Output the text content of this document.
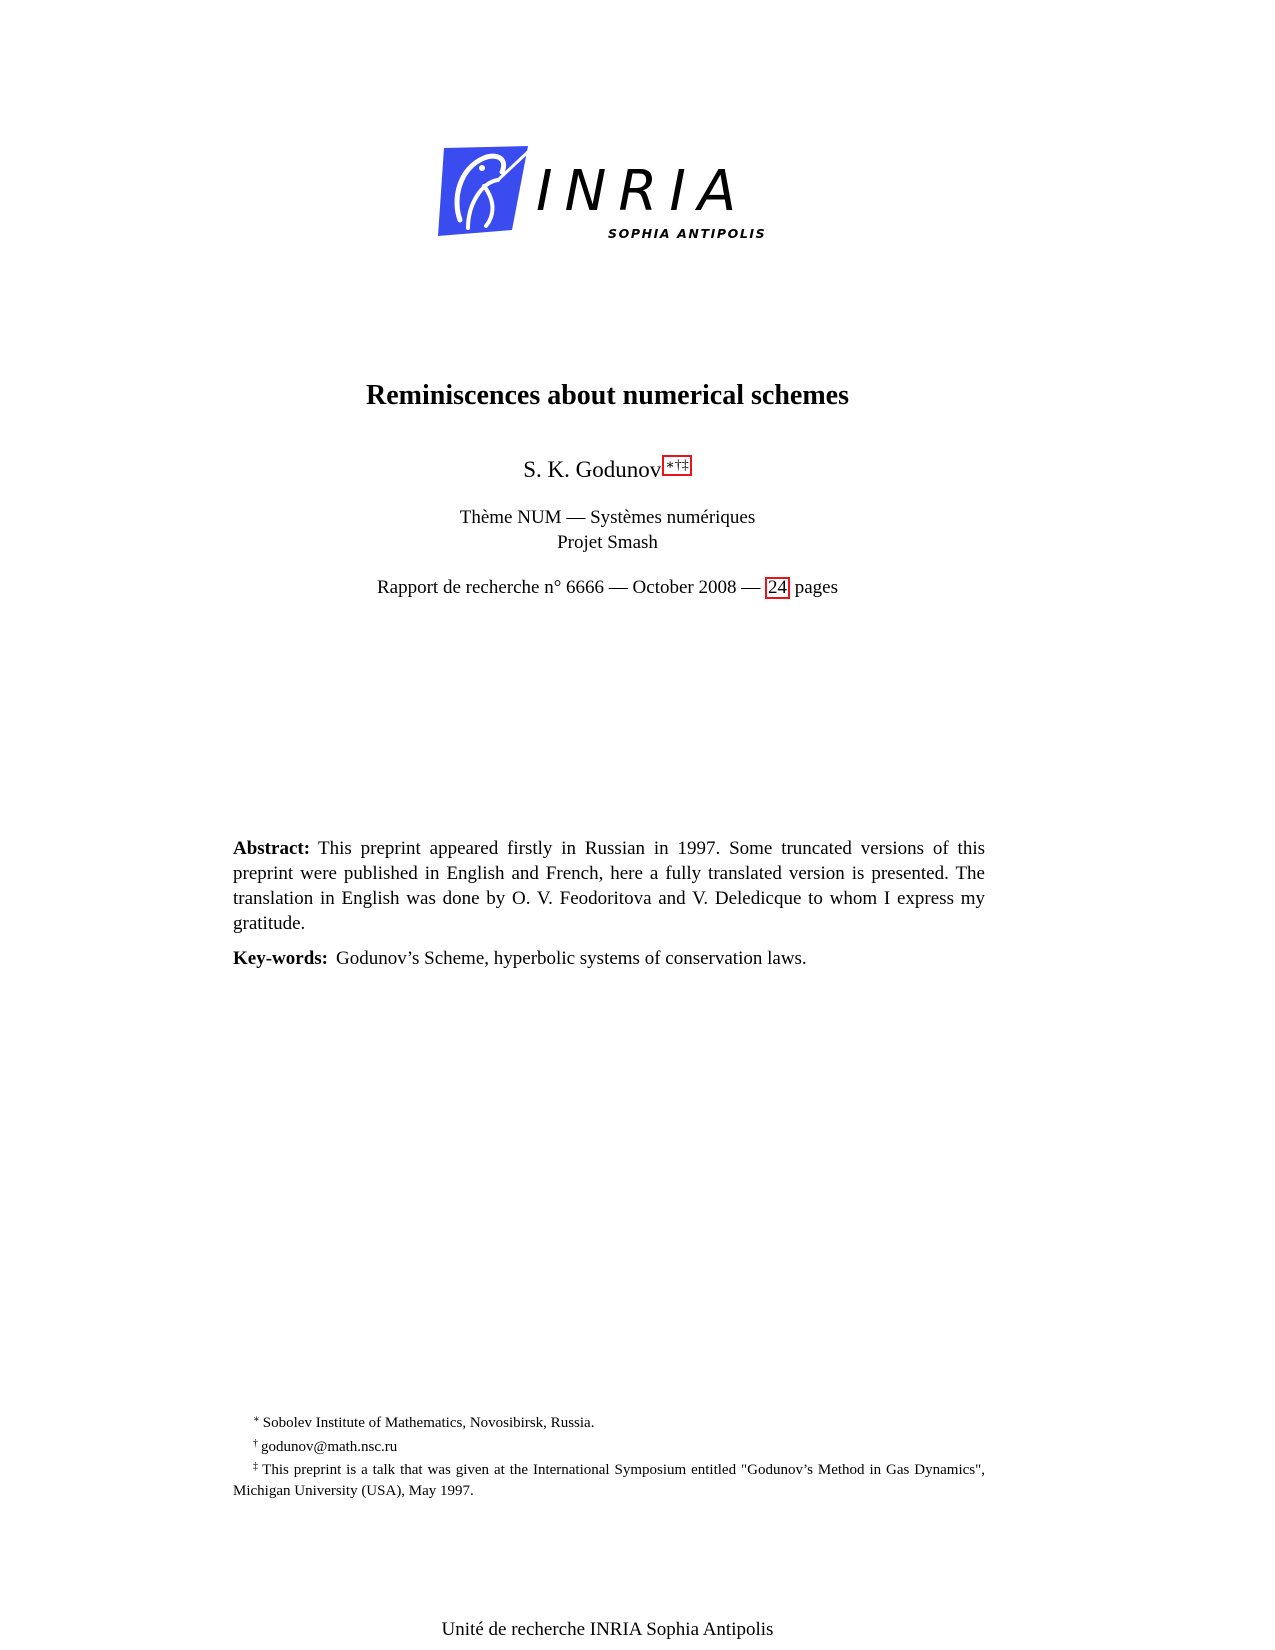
INRIA
SOPHIA ANTIPOLIS
Reminiscences about numerical schemes
S. K. Godunov ∗†‡
Thème NUM — Systèmes numériques
Projet Smash
Rapport de recherche n° 6666 — October 2008 — 24 pages

Abstract: This preprint appeared firstly in Russian in 1997. Some truncated versions of this preprint were published in English and French, here a fully translated version is presented. The translation in English was done by O. V. Feodoritova and V. Deledicque to whom I express my gratitude.

Key-words: Godunov’s Scheme, hyperbolic systems of conservation laws.

∗ Sobolev Institute of Mathematics, Novosibirsk, Russia.

† godunov@math.nsc.ru

‡ This preprint is a talk that was given at the International Symposium entitled "Godunov’s Method in Gas Dynamics", Michigan University (USA), May 1997.

Unité de recherche INRIA Sophia Antipolis
